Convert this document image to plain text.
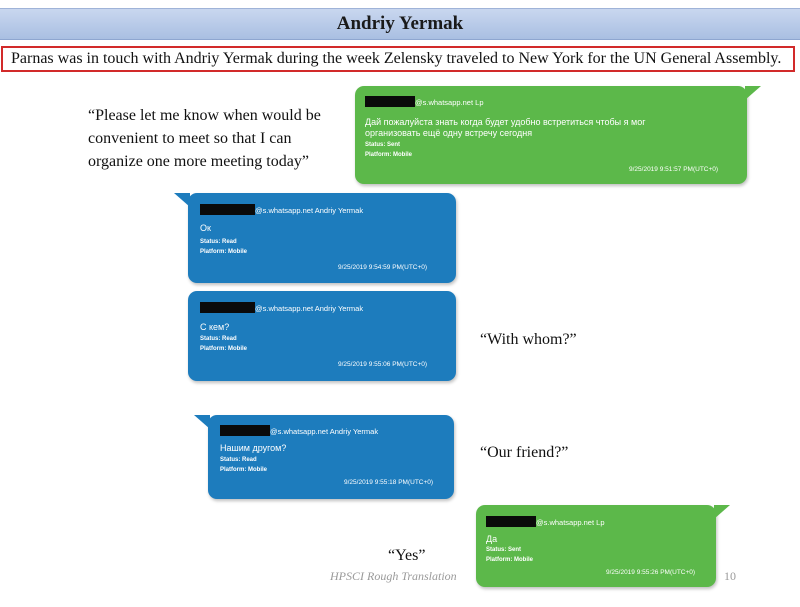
Andriy Yermak
Parnas was in touch with Andriy Yermak during the week Zelensky traveled to New York for the UN General Assembly.
“Please let me know when would be
convenient to meet so that I can
organize one more meeting today”
@s.whatsapp.net Lp
Дай пожалуйста знать когда будет удобно встретиться чтобы я мог организовать ещё одну встречу сегодня
Status: Sent
Platform: Mobile
9/25/2019 9:51:57 PM(UTC+0)
@s.whatsapp.net Andriy Yermak
Ок
Status: Read
Platform: Mobile
9/25/2019 9:54:59 PM(UTC+0)
@s.whatsapp.net Andriy Yermak
С кем?
Status: Read
Platform: Mobile
9/25/2019 9:55:06 PM(UTC+0)
“With whom?”
@s.whatsapp.net Andriy Yermak
Нашим другом?
Status: Read
Platform: Mobile
9/25/2019 9:55:18 PM(UTC+0)
“Our friend?”
@s.whatsapp.net Lp
Да
Status: Sent
Platform: Mobile
9/25/2019 9:55:26 PM(UTC+0)
“Yes”
HPSCI Rough Translation	10
